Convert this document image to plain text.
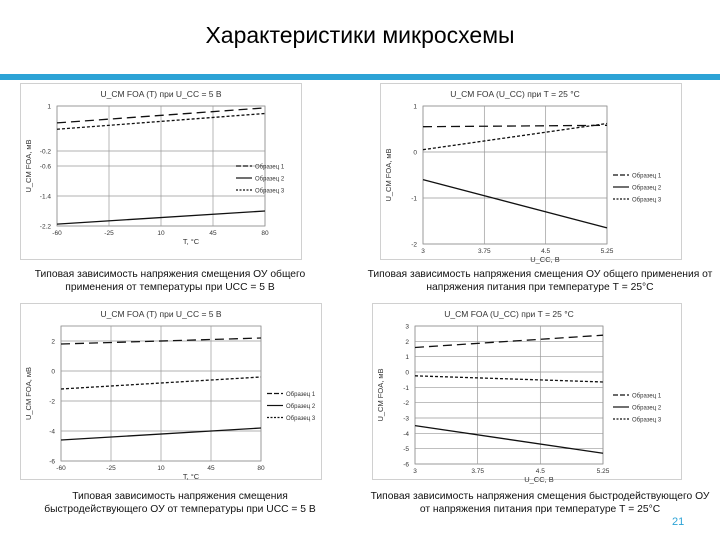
Характеристики микросхемы
U_CM FOA (T) при U_CC = 5 В
-60	-25	10	45	80
1
-0.2
-0.6
-1.4
-2.2
T, °C
U_CM FOA, мВ	Образец 1
Образец 2
Образец 3
Типовая зависимость напряжения смещения ОУ общего применения от температуры при UCC = 5 В
U_CM FOA (U_CC) при T = 25 °C
3	3.75	4.5	5.25
1
0
-1
-2
U_CC, В
U_CM FOA, мВ	Образец 1
Образец 2
Образец 3
Типовая зависимость напряжения смещения ОУ общего применения от напряжения питания при температуре Т = 25°С
U_CM FOA (T) при U_CC = 5 В
-60	-25	10	45	80
2
0
-2
-4
-6
T, °C
U_CM FOA, мВ	Образец 1
Образец 2
Образец 3
Типовая зависимость напряжения смещения быстродействующего ОУ от температуры при UCC = 5 В
U_CM FOA (U_CC) при T = 25 °C
3	3.75	4.5	5.25
3
2
1
0
-1
-2
-3
-4
-5
-6
U_CC, В
U_CM FOA, мВ	Образец 1
Образец 2
Образец 3
Типовая зависимость напряжения смещения быстродействующего ОУ от напряжения питания при температуре Т = 25°С
21
